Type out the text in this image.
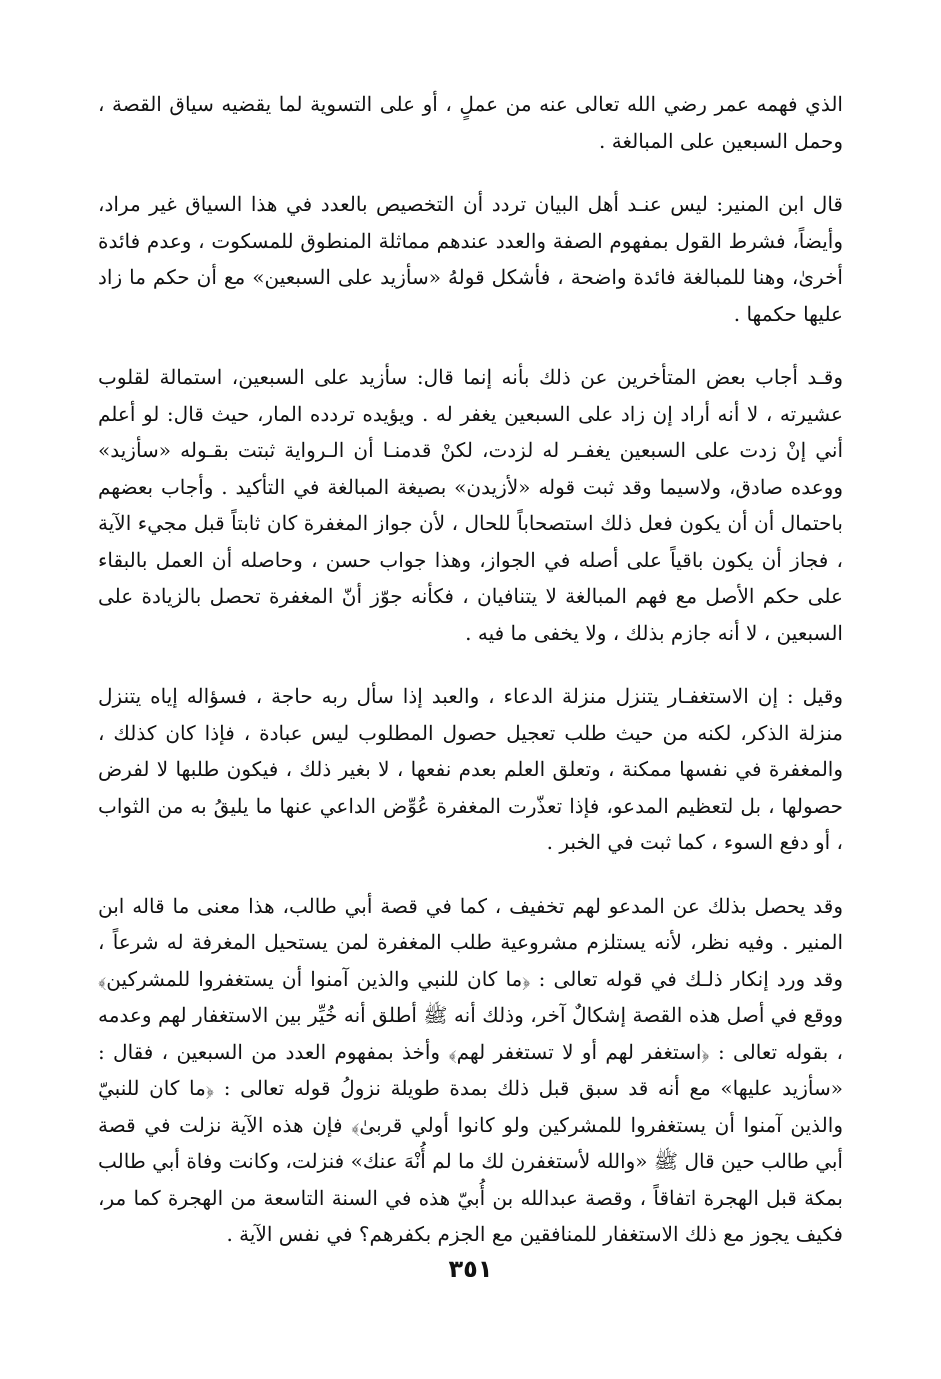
الذي فهمه عمر رضي الله تعالى عنه من عملٍ ، أو على التسوية لما يقضيه سياق القصة ، وحمل السبعين على المبالغة .

قال ابن المنير: ليس عنـد أهل البيان تردد أن التخصيص بالعدد في هذا السياق غير مراد، وأيضاً، فشرط القول بمفهوم الصفة والعدد عندهم مماثلة المنطوق للمسكوت ، وعدم فائدة أخرىٰ، وهنا للمبالغة فائدة واضحة ، فأشكل قولهُ «سأزيد على السبعين» مع أن حكم ما زاد عليها حكمها .

وقـد أجاب بعض المتأخرين عن ذلك بأنه إنما قال: سأزيد على السبعين، استمالة لقلوب عشيرته ، لا أنه أراد إن زاد على السبعين يغفر له . ويؤيده تردده المار، حيث قال: لو أعلم أني إنْ زدت على السبعين يغفـر له لزدت، لكنْ قدمنـا أن الـرواية ثبتت بقـوله «سأزيد» ووعده صادق، ولاسيما وقد ثبت قوله «لأزيدن» بصيغة المبالغة في التأكيد . وأجاب بعضهم باحتمال أن أن يكون فعل ذلك استصحاباً للحال ، لأن جواز المغفرة كان ثابتاً قبل مجيء الآية ، فجاز أن يكون باقياً على أصله في الجواز، وهذا جواب حسن ، وحاصله أن العمل بالبقاء على حكم الأصل مع فهم المبالغة لا يتنافيان ، فكأنه جوّز أنّ المغفرة تحصل بالزيادة على السبعين ، لا أنه جازم بذلك ، ولا يخفى ما فيه .

وقيل : إن الاستغفـار يتنزل منزلة الدعاء ، والعبد إذا سأل ربه حاجة ، فسؤاله إياه يتنزل منزلة الذكر، لكنه من حيث طلب تعجيل حصول المطلوب ليس عبادة ، فإذا كان كذلك ، والمغفرة في نفسها ممكنة ، وتعلق العلم بعدم نفعها ، لا بغير ذلك ، فيكون طلبها لا لفرض حصولها ، بل لتعظيم المدعو، فإذا تعذّرت المغفرة عُوِّض الداعي عنها ما يليقُ به من الثواب ، أو دفع السوء ، كما ثبت في الخبر .

وقد يحصل بذلك عن المدعو لهم تخفيف ، كما في قصة أبي طالب، هذا معنى ما قاله ابن المنير . وفيه نظر، لأنه يستلزم مشروعية طلب المغفرة لمن يستحيل المغرفة له شرعاً ، وقد ورد إنكار ذلـك في قوله تعالى : ﴿ما كان للنبي والذين آمنوا أن يستغفروا للمشركين﴾ ووقع في أصل هذه القصة إشكالٌ آخر، وذلك أنه ﷺ أطلق أنه خُيِّر بين الاستغفار لهم وعدمه ، بقوله تعالى : ﴿استغفر لهم أو لا تستغفر لهم﴾ وأخذ بمفهوم العدد من السبعين ، فقال : «سأزيد عليها» مع أنه قد سبق قبل ذلك بمدة طويلة نزولُ قوله تعالى : ﴿ما كان للنبيّ والذين آمنوا أن يستغفروا للمشركين ولو كانوا أولي قربىٰ﴾ فإن هذه الآية نزلت في قصة أبي طالب حين قال ﷺ «والله لأستغفرن لك ما لم أُنْهَ عنك» فنزلت، وكانت وفاة أبي طالب بمكة قبل الهجرة اتفاقاً ، وقصة عبدالله بن أُبيّ هذه في السنة التاسعة من الهجرة كما مر، فكيف يجوز مع ذلك الاستغفار للمنافقين مع الجزم بكفرهم؟ في نفس الآية .

٣٥١
